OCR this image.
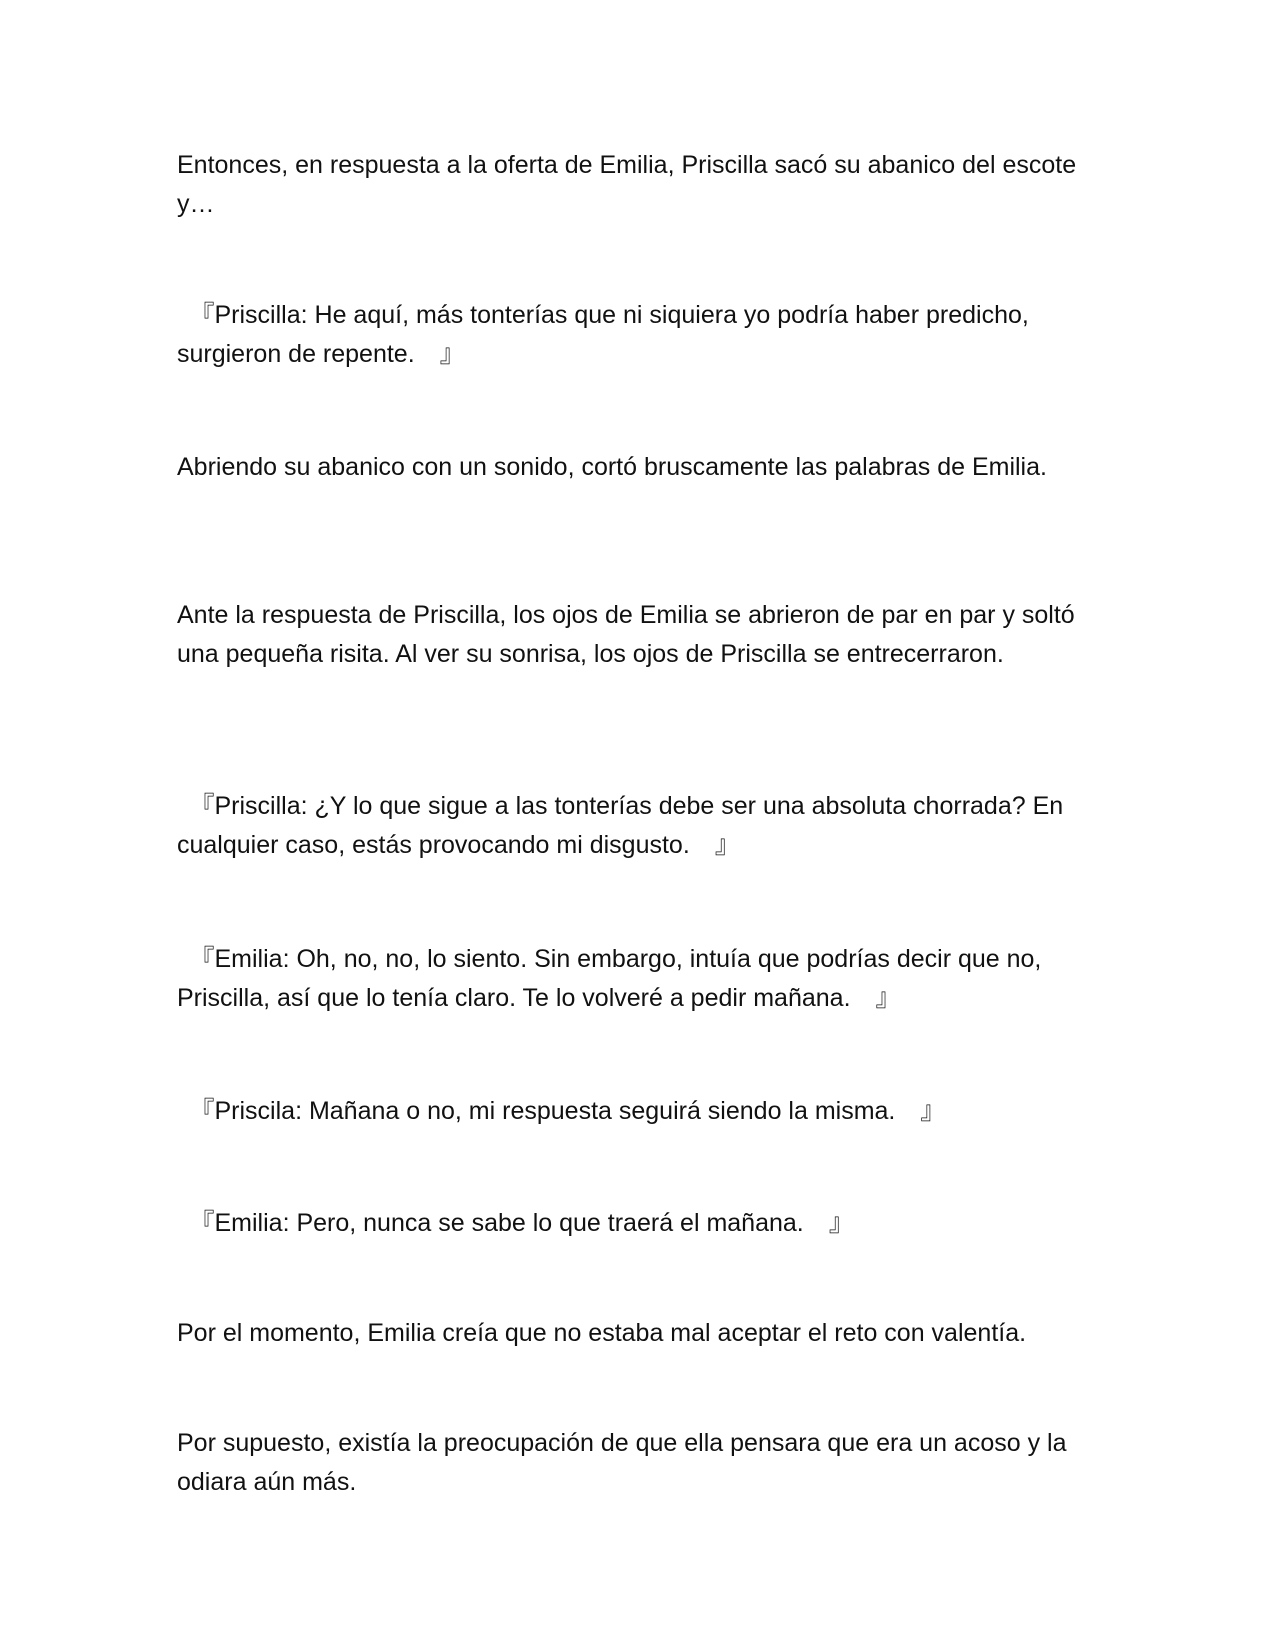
Entonces, en respuesta a la oferta de Emilia, Priscilla sacó su abanico del escote y…

　『Priscilla: He aquí, más tonterías que ni siquiera yo podría haber predicho, surgieron de repente.　』

Abriendo su abanico con un sonido, cortó bruscamente las palabras de Emilia.

Ante la respuesta de Priscilla, los ojos de Emilia se abrieron de par en par y soltó una pequeña risita. Al ver su sonrisa, los ojos de Priscilla se entrecerraron.

　『Priscilla: ¿Y lo que sigue a las tonterías debe ser una absoluta chorrada? En cualquier caso, estás provocando mi disgusto.　』

　『Emilia: Oh, no, no, lo siento. Sin embargo, intuía que podrías decir que no, Priscilla, así que lo tenía claro. Te lo volveré a pedir mañana.　』

　『Priscila: Mañana o no, mi respuesta seguirá siendo la misma.　』

　『Emilia: Pero, nunca se sabe lo que traerá el mañana.　』

Por el momento, Emilia creía que no estaba mal aceptar el reto con valentía.

Por supuesto, existía la preocupación de que ella pensara que era un acoso y la odiara aún más.
